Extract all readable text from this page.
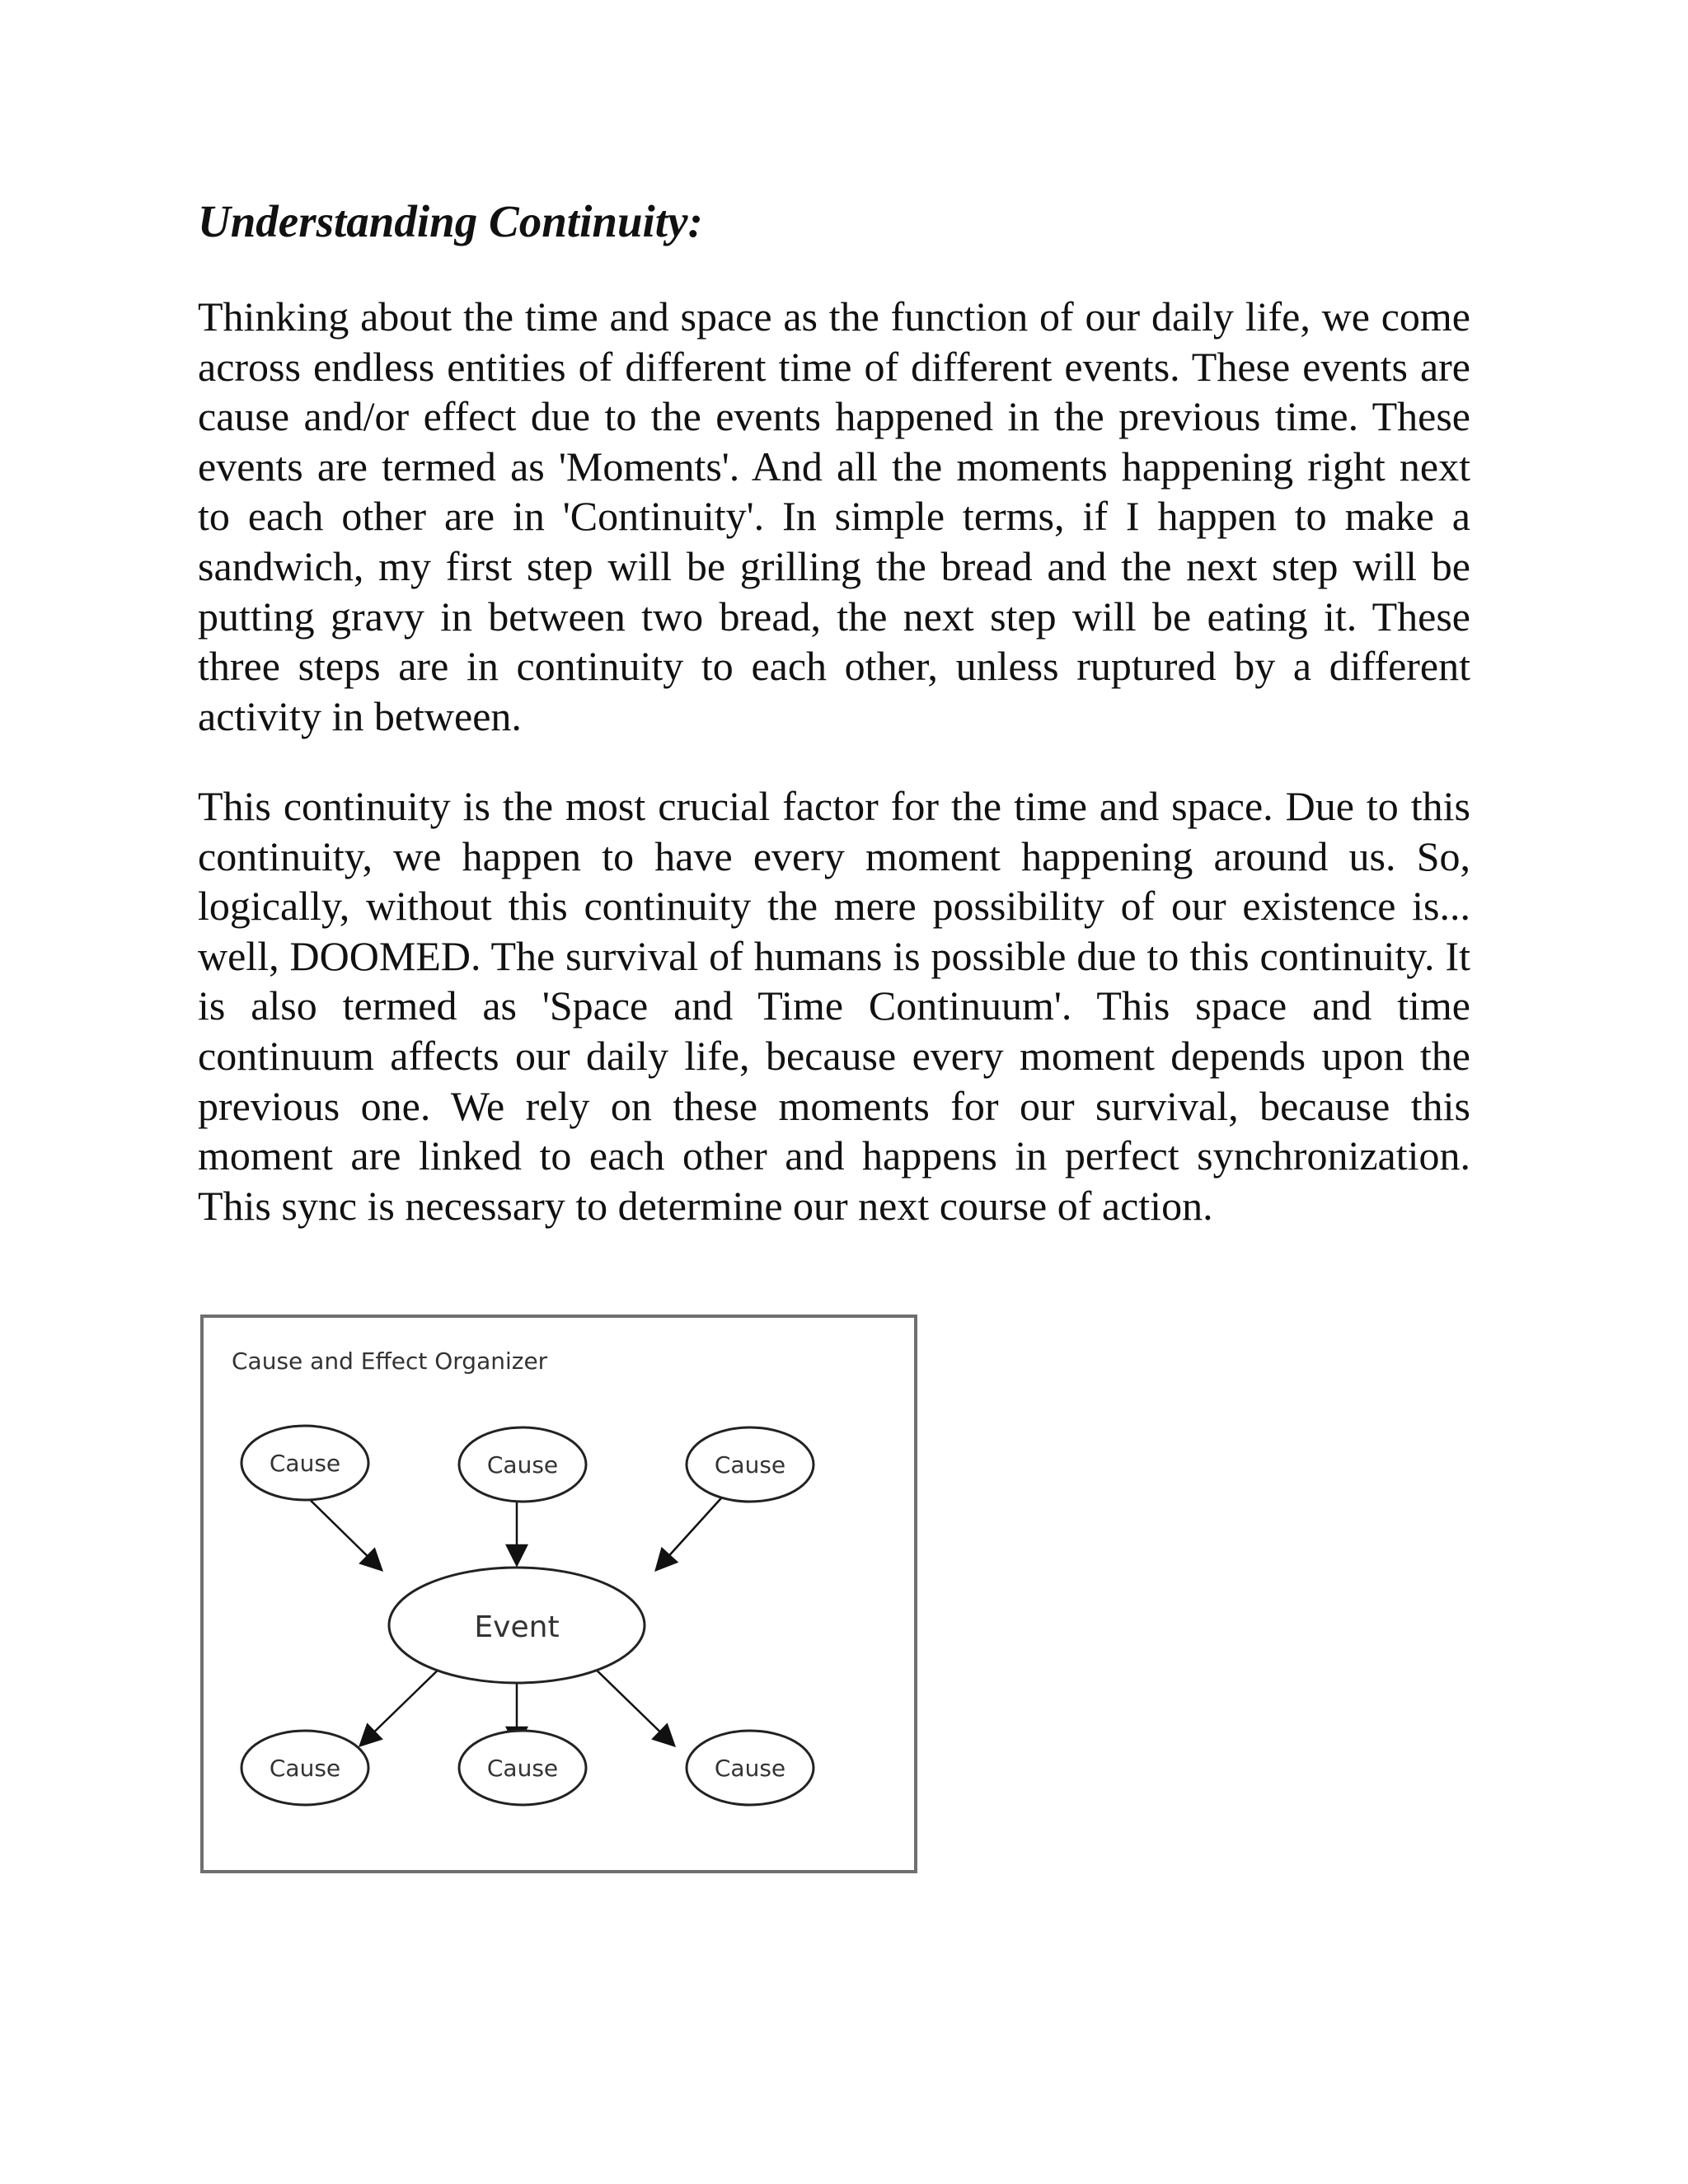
Understanding Continuity:

Thinking about the time and space as the function of our daily life, we come across endless entities of different time of different events. These events are cause and/or effect due to the events happened in the previous time. These events are termed as 'Moments'. And all the moments happening right next to each other are in 'Continuity'. In simple terms, if I happen to make a sandwich, my first step will be grilling the bread and the next step will be putting gravy in between two bread, the next step will be eating it. These three steps are in continuity to each other, unless ruptured by a different activity in between.

This continuity is the most crucial factor for the time and space. Due to this continuity, we happen to have every moment happening around us. So, logically, without this continuity the mere possibility of our existence is... well, DOOMED. The survival of humans is possible due to this continuity. It is also termed as 'Space and Time Continuum'. This space and time continuum affects our daily life, because every moment depends upon the previous one. We rely on these moments for our survival, because this moment are linked to each other and happens in perfect synchronization. This sync is necessary to determine our next course of action.

Cause and Effect Organizer
Cause	Cause	Cause
Event
Cause	Cause	Cause
